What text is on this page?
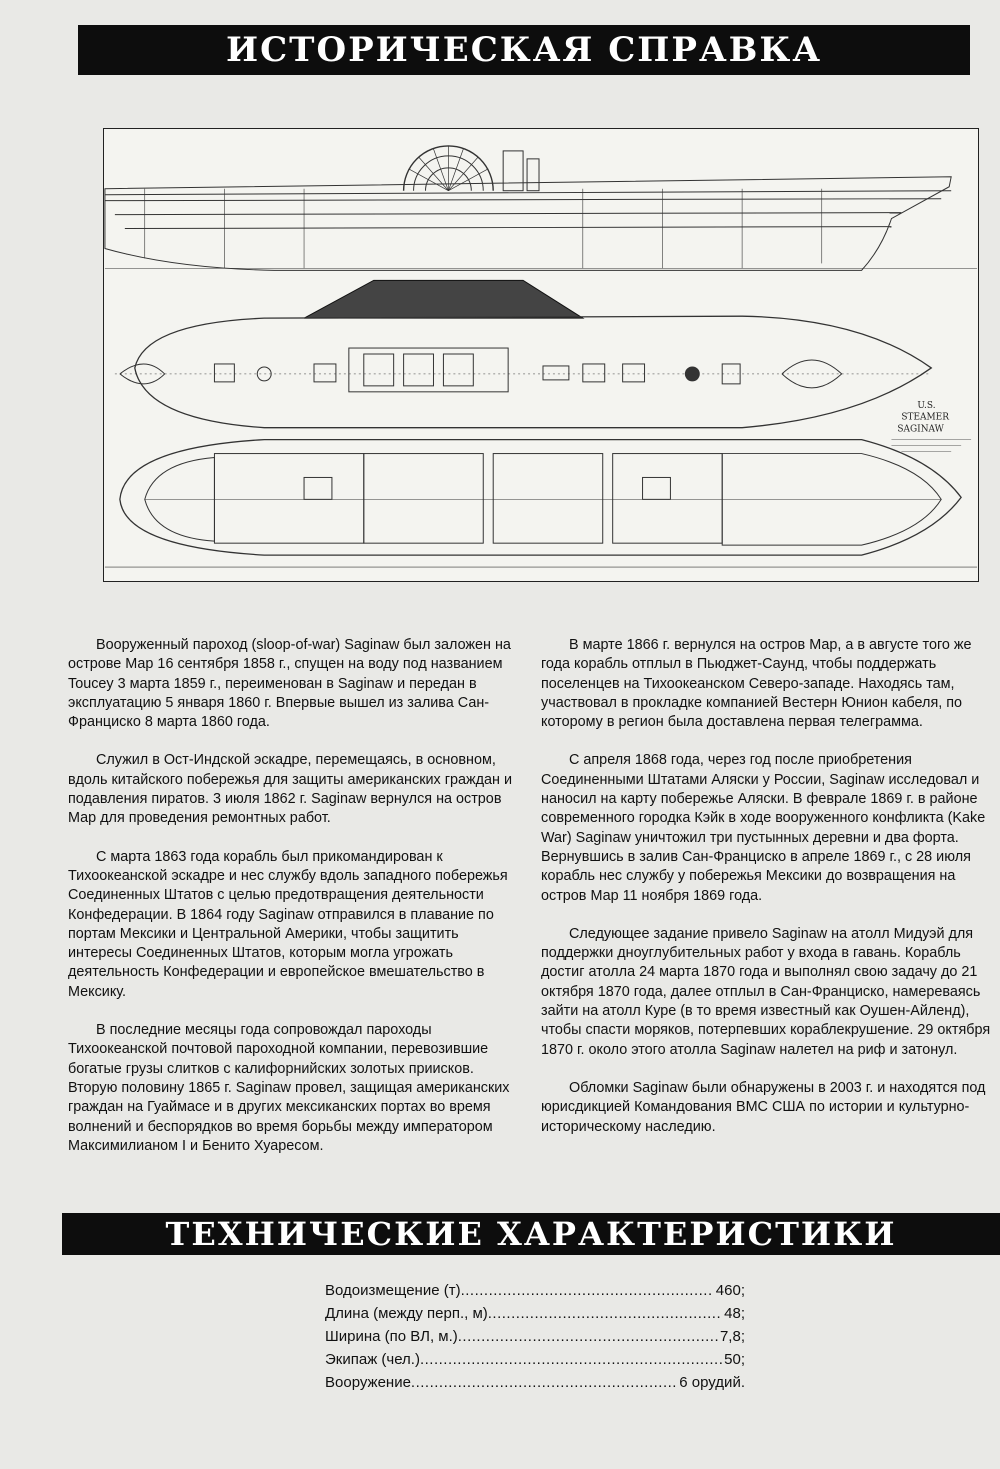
ИСТОРИЧЕСКАЯ СПРАВКА
U.S.
STEAMER
SAGINAW

Вооруженный пароход (sloop-of-war) Saginaw был заложен на острове Мар 16 сентября 1858 г., спущен на воду под названием Toucey 3 марта 1859 г., переименован в Saginaw и передан в эксплуатацию 5 января 1860 г. Впервые вышел из залива Сан-Франциско 8 марта 1860 года.

Служил в Ост-Индской эскадре, перемещаясь, в основном, вдоль китайского побережья для защиты американских граждан и подавления пиратов. 3 июля 1862 г. Saginaw вернулся на остров Мар для проведения ремонтных работ.

С марта 1863 года корабль был прикомандирован к Тихоокеанской эскадре и нес службу вдоль западного побережья Соединенных Штатов с целью предотвращения деятельности Конфедерации. В 1864 году Saginaw отправился в плавание по портам Мексики и Центральной Америки, чтобы защитить интересы Соединенных Штатов, которым могла угрожать деятельность Конфедерации и европейское вмешательство в Мексику.

В последние месяцы года сопровождал пароходы Тихоокеанской почтовой пароходной компании, перевозившие богатые грузы слитков с калифорнийских золотых приисков. Вторую половину 1865 г. Saginaw провел, защищая американских граждан на Гуаймасе и в других мексиканских портах во время волнений и беспорядков во время борьбы между императором Максимилианом I и Бенито Хуаресом.

В марте 1866 г. вернулся на остров Мар, а в августе того же года корабль отплыл в Пьюджет-Саунд, чтобы поддержать поселенцев на Тихоокеанском Северо-западе. Находясь там, участвовал в прокладке компанией Вестерн Юнион кабеля, по которому в регион была доставлена первая телеграмма.

С апреля 1868 года, через год после приобретения Соединенными Штатами Аляски у России, Saginaw исследовал и наносил на карту побережье Аляски. В феврале 1869 г. в районе современного городка Кэйк в ходе вооруженного конфликта (Kake War) Saginaw уничтожил три пустынных деревни и два форта. Вернувшись в залив Сан-Франциско в апреле 1869 г., с 28 июля корабль нес службу у побережья Мексики до возвращения на остров Мар 11 ноября 1869 года.

Следующее задание привело Saginaw на атолл Мидуэй для поддержки дноуглубительных работ у входа в гавань. Корабль достиг атолла 24 марта 1870 года и выполнял свою задачу до 21 октября 1870 года, далее отплыл в Сан-Франциско, намереваясь зайти на атолл Куре (в то время известный как Оушен-Айленд), чтобы спасти моряков, потерпевших кораблекрушение. 29 октября 1870 г. около этого атолла Saginaw налетел на риф и затонул.

Обломки Saginaw были обнаружены в 2003 г. и находятся под юрисдикцией Командования ВМС США по истории и культурно-историческому наследию.

ТЕХНИЧЕСКИЕ ХАРАКТЕРИСТИКИ
Водоизмещение (т) .....	460;
Длина (между перп., м) .....	48;
Ширина (по ВЛ, м.) .....	7,8;
Экипаж (чел.) .....	50;
Вооружение .....	6 орудий.
